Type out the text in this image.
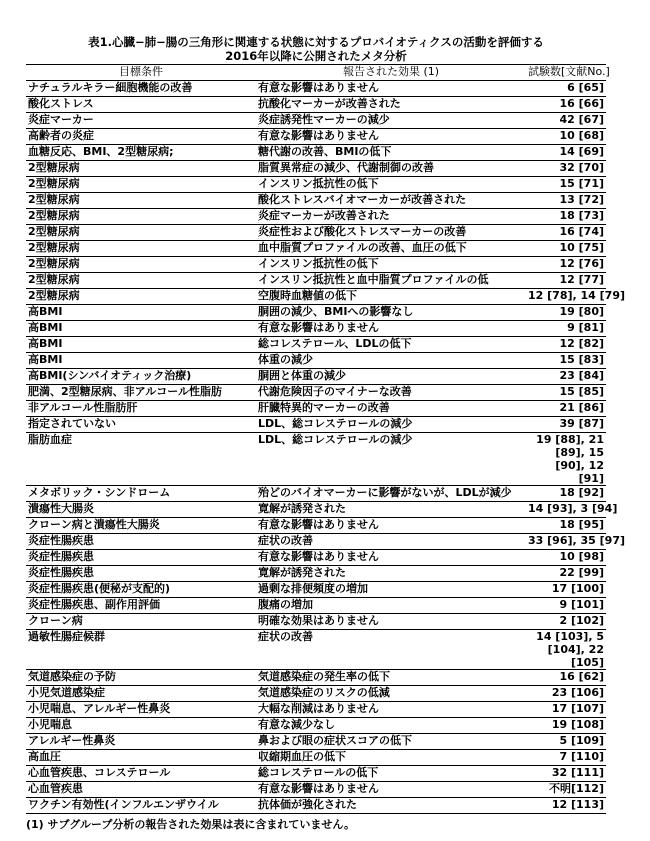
表1.心臓−肺−腸の三角形に関連する状態に対するプロバイオティクスの活動を評価する

2016年以降に公開されたメタ分析

目標条件	報告された効果 (1)	試験数[文献No.]
ナチュラルキラー細胞機能の改善	有意な影響はありません	6 [65]
酸化ストレス	抗酸化マーカーが改善された	16 [66]
炎症マーカー	炎症誘発性マーカーの減少	42 [67]
高齢者の炎症	有意な影響はありません	10 [68]
血糖反応、BMI、2型糖尿病;	糖代謝の改善、BMIの低下	14 [69]
2型糖尿病	脂質異常症の減少、代謝制御の改善	32 [70]
2型糖尿病	インスリン抵抗性の低下	15 [71]
2型糖尿病	酸化ストレスバイオマーカーが改善された	13 [72]
2型糖尿病	炎症マーカーが改善された	18 [73]
2型糖尿病	炎症性および酸化ストレスマーカーの改善	16 [74]
2型糖尿病	血中脂質プロファイルの改善、血圧の低下	10 [75]
2型糖尿病	インスリン抵抗性の低下	12 [76]
2型糖尿病	インスリン抵抗性と血中脂質プロファイルの低	12 [77]
2型糖尿病	空腹時血糖値の低下	12 [78], 14 [79]
高BMI	胴囲の減少、BMIへの影響なし	19 [80]
高BMI	有意な影響はありません	9 [81]
高BMI	総コレステロール、LDLの低下	12 [82]
高BMI	体重の減少	15 [83]
高BMI(シンバイオティック治療)	胴囲と体重の減少	23 [84]
肥満、2型糖尿病、非アルコール性脂肪	代謝危険因子のマイナーな改善	15 [85]
非アルコール性脂肪肝	肝臓特異的マーカーの改善	21 [86]
指定されていない	LDL、総コレステロールの減少	39 [87]
脂肪血症	LDL、総コレステロールの減少	19 [88], 21 [89], 15 [90], 12 [91]
メタボリック・シンドローム	殆どのバイオマーカーに影響がないが、LDLが減少	18 [92]
潰瘍性大腸炎	寛解が誘発された	14 [93], 3 [94]
クローン病と潰瘍性大腸炎	有意な影響はありません	18 [95]
炎症性腸疾患	症状の改善	33 [96], 35 [97]
炎症性腸疾患	有意な影響はありません	10 [98]
炎症性腸疾患	寛解が誘発された	22 [99]
炎症性腸疾患(便秘が支配的)	過剰な排便頻度の増加	17 [100]
炎症性腸疾患、副作用評価	腹痛の増加	9 [101]
クローン病	明確な効果はありません	2 [102]
過敏性腸症候群	症状の改善	14 [103], 5 [104], 22 [105]
気道感染症の予防	気道感染症の発生率の低下	16 [62]
小児気道感染症	気道感染症のリスクの低減	23 [106]
小児喘息、アレルギー性鼻炎	大幅な削減はありません	17 [107]
小児喘息	有意な減少なし	19 [108]
アレルギー性鼻炎	鼻および眼の症状スコアの低下	5 [109]
高血圧	収縮期血圧の低下	7 [110]
心血管疾患、コレステロール	総コレステロールの低下	32 [111]
心血管疾患	有意な影響はありません	不明[112]
ワクチン有効性(インフルエンザウイル	抗体価が強化された	12 [113]
(1) サブグループ分析の報告された効果は表に含まれていません。
